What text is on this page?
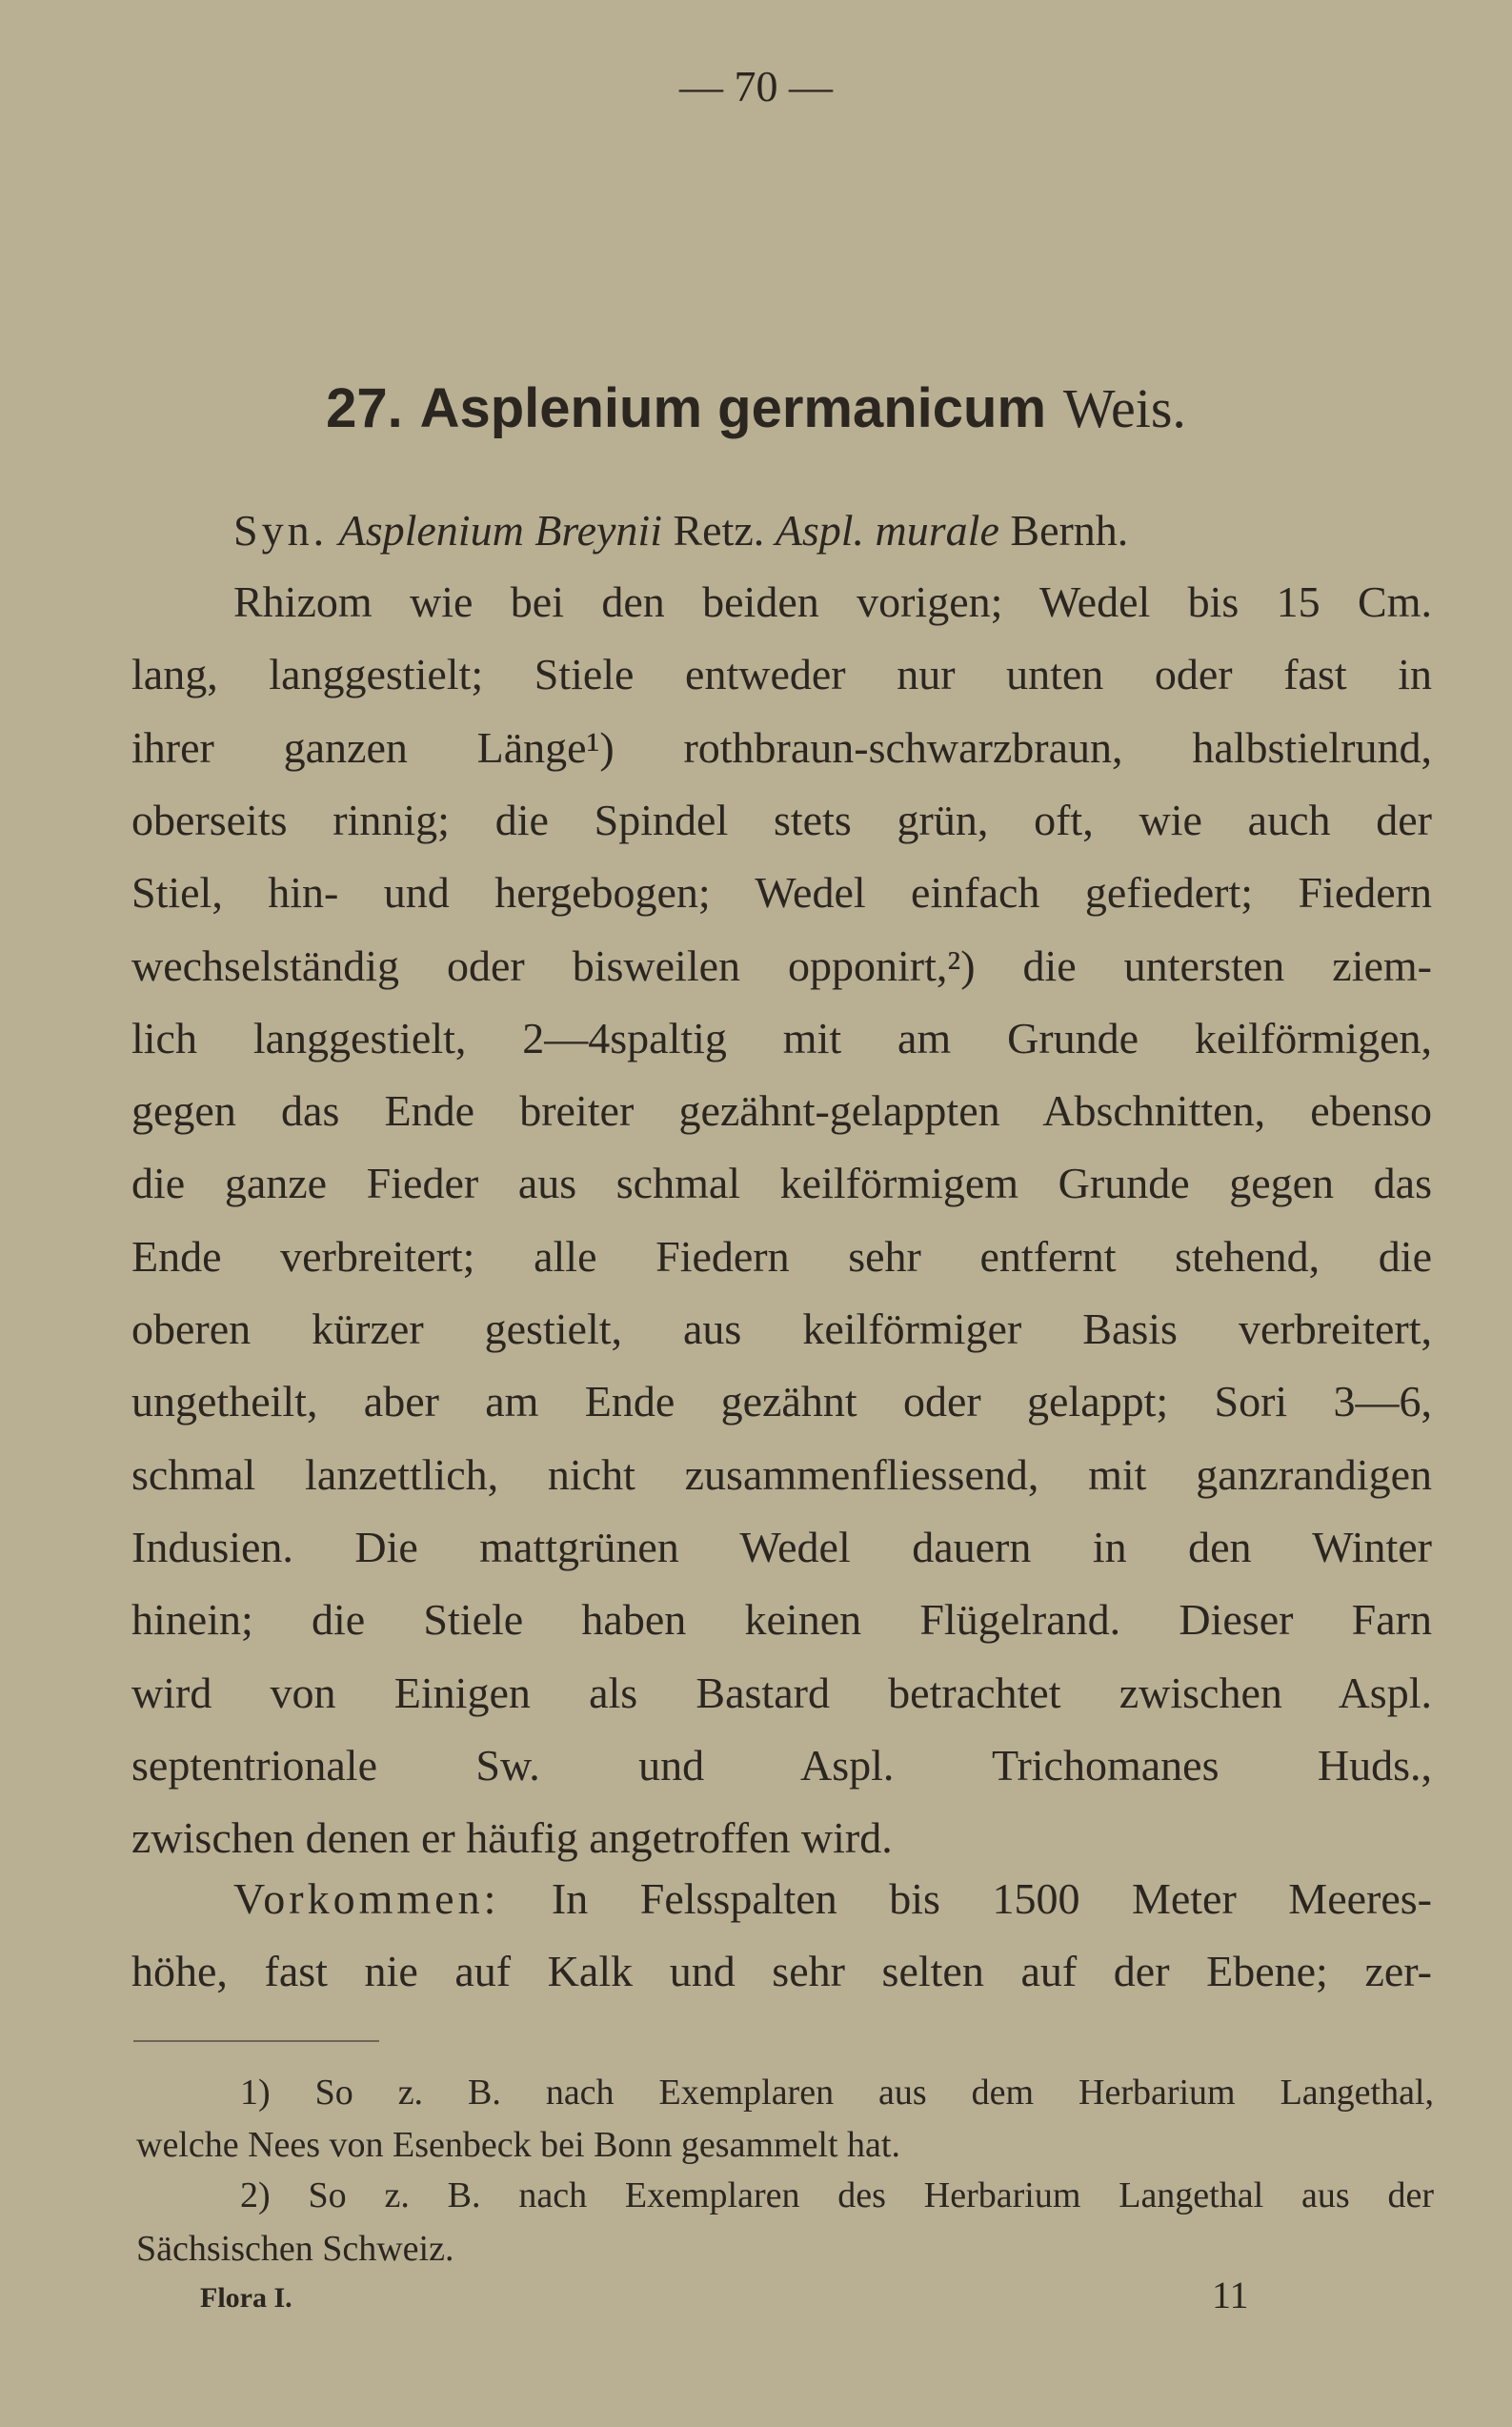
— 70 —
27. Asplenium germanicum Weis.
Syn. Asplenium Breynii Retz. Aspl. murale Bernh.
Rhizom wie bei den beiden vorigen; Wedel bis 15 Cm.
lang, langgestielt; Stiele entweder nur unten oder fast in
ihrer ganzen Länge¹) rothbraun-schwarzbraun, halbstielrund,
oberseits rinnig; die Spindel stets grün, oft, wie auch der
Stiel, hin- und hergebogen; Wedel einfach gefiedert; Fiedern
wechselständig oder bisweilen opponirt,²) die untersten ziem-
lich langgestielt, 2—4spaltig mit am Grunde keilförmigen,
gegen das Ende breiter gezähnt-gelappten Abschnitten, ebenso
die ganze Fieder aus schmal keilförmigem Grunde gegen das
Ende verbreitert; alle Fiedern sehr entfernt stehend, die
oberen kürzer gestielt, aus keilförmiger Basis verbreitert,
ungetheilt, aber am Ende gezähnt oder gelappt; Sori 3—6,
schmal lanzettlich, nicht zusammenfliessend, mit ganzrandigen
Indusien. Die mattgrünen Wedel dauern in den Winter
hinein; die Stiele haben keinen Flügelrand. Dieser Farn
wird von Einigen als Bastard betrachtet zwischen Aspl.
septentrionale Sw. und Aspl. Trichomanes Huds.,
zwischen denen er häufig angetroffen wird.
Vorkommen: In Felsspalten bis 1500 Meter Meeres-
höhe, fast nie auf Kalk und sehr selten auf der Ebene; zer-
1) So z. B. nach Exemplaren aus dem Herbarium Langethal,
welche Nees von Esenbeck bei Bonn gesammelt hat.
2) So z. B. nach Exemplaren des Herbarium Langethal aus der
Sächsischen Schweiz.
Flora I.	11
